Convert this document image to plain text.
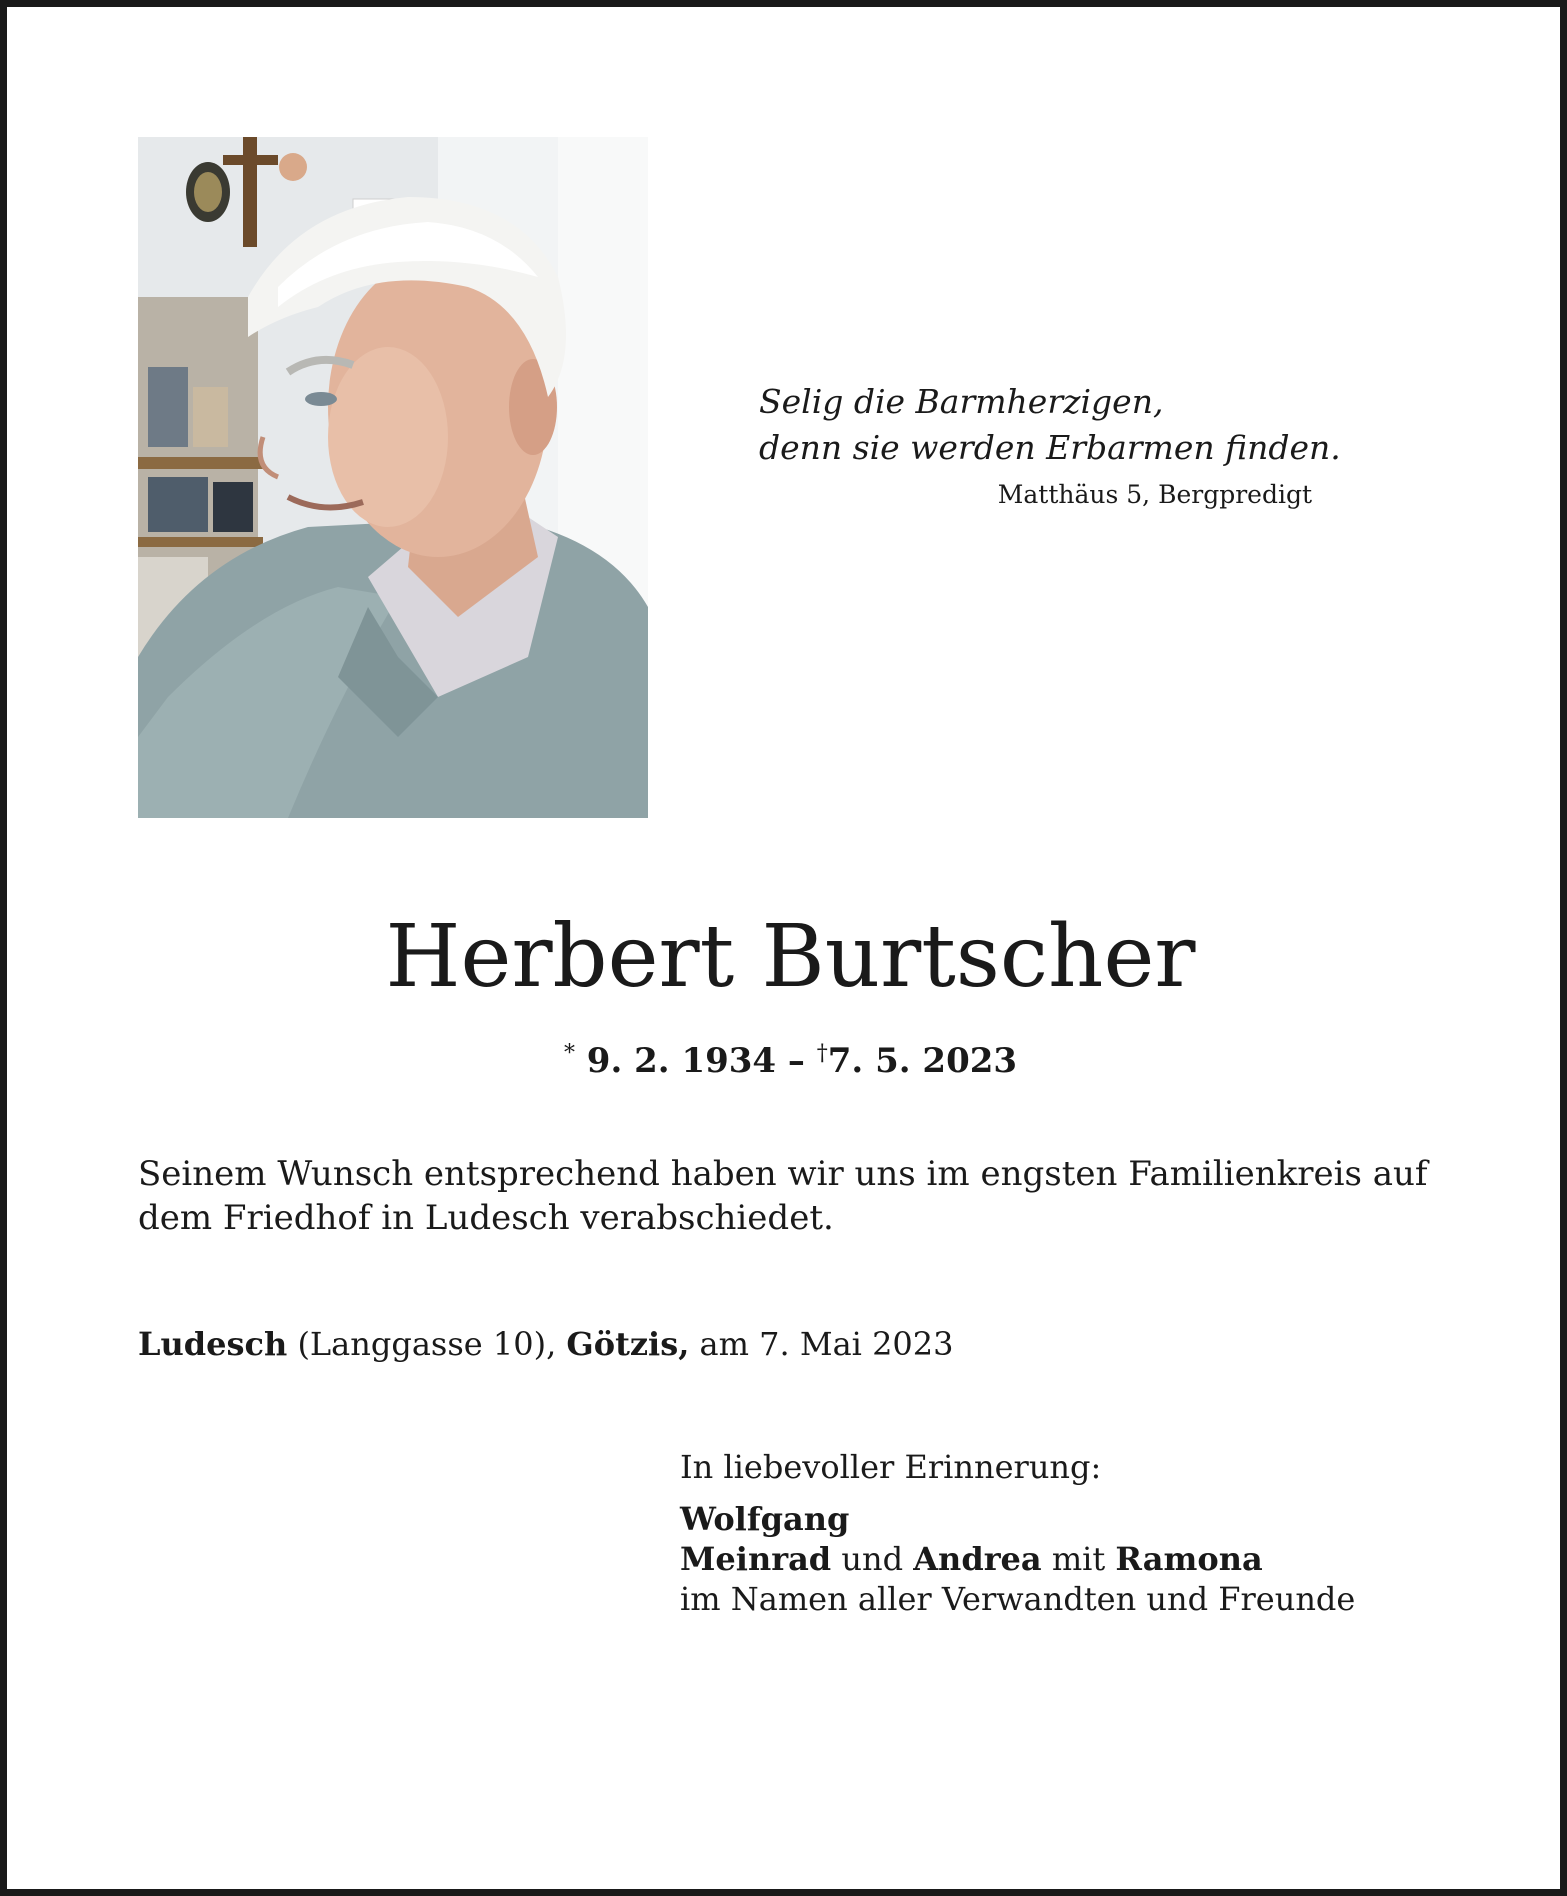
Selig die Barmherzigen,
denn sie werden Erbarmen finden.
Matthäus 5, Bergpredigt
Herbert Burtscher
* 9. 2. 1934 – †7. 5. 2023
Seinem Wunsch entsprechend haben wir uns im engsten Familienkreis auf dem Friedhof in Ludesch verabschiedet.
Ludesch (Langgasse 10), Götzis, am 7. Mai 2023
In liebevoller Erinnerung:
Wolfgang
Meinrad und Andrea mit Ramona
im Namen aller Verwandten und Freunde
